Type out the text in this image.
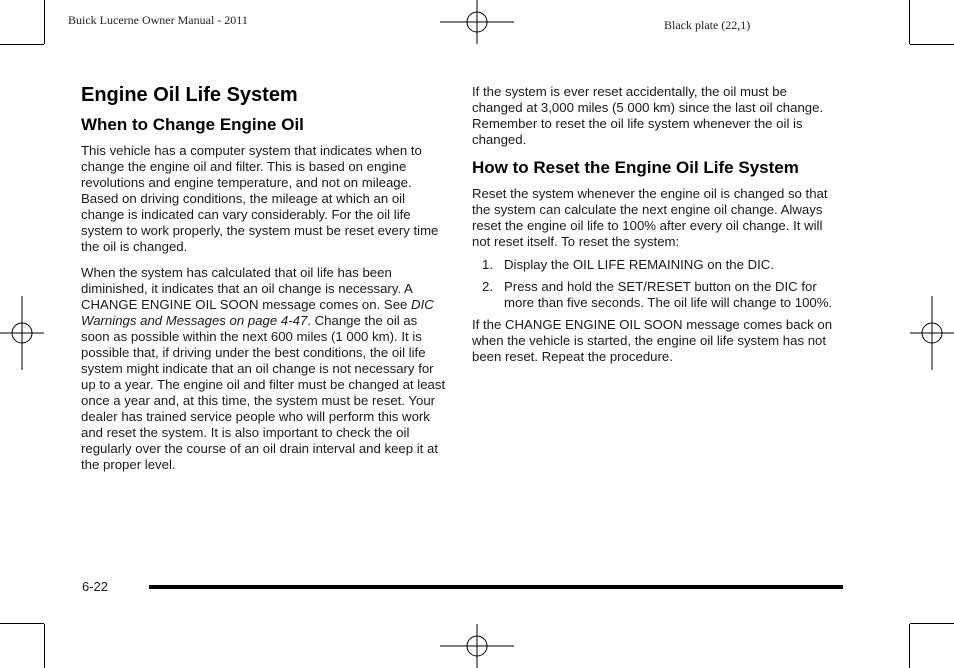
Buick Lucerne Owner Manual - 2011	Black plate (22,1)
Engine Oil Life System
When to Change Engine Oil

This vehicle has a computer system that indicates when to change the engine oil and filter. This is based on engine revolutions and engine temperature, and not on mileage. Based on driving conditions, the mileage at which an oil change is indicated can vary considerably. For the oil life system to work properly, the system must be reset every time the oil is changed.

When the system has calculated that oil life has been diminished, it indicates that an oil change is necessary. A CHANGE ENGINE OIL SOON message comes on. See DIC Warnings and Messages on page 4‑47. Change the oil as soon as possible within the next 600 miles (1 000 km). It is possible that, if driving under the best conditions, the oil life system might indicate that an oil change is not necessary for up to a year. The engine oil and filter must be changed at least once a year and, at this time, the system must be reset. Your dealer has trained service people who will perform this work and reset the system. It is also important to check the oil regularly over the course of an oil drain interval and keep it at the proper level.

If the system is ever reset accidentally, the oil must be changed at 3,000 miles (5 000 km) since the last oil change. Remember to reset the oil life system whenever the oil is changed.

How to Reset the Engine Oil Life System

Reset the system whenever the engine oil is changed so that the system can calculate the next engine oil change. Always reset the engine oil life to 100% after every oil change. It will not reset itself. To reset the system:

1. Display the OIL LIFE REMAINING on the DIC.
2. Press and hold the SET/RESET button on the DIC for more than five seconds. The oil life will change to 100%.

If the CHANGE ENGINE OIL SOON message comes back on when the vehicle is started, the engine oil life system has not been reset. Repeat the procedure.

6-22
